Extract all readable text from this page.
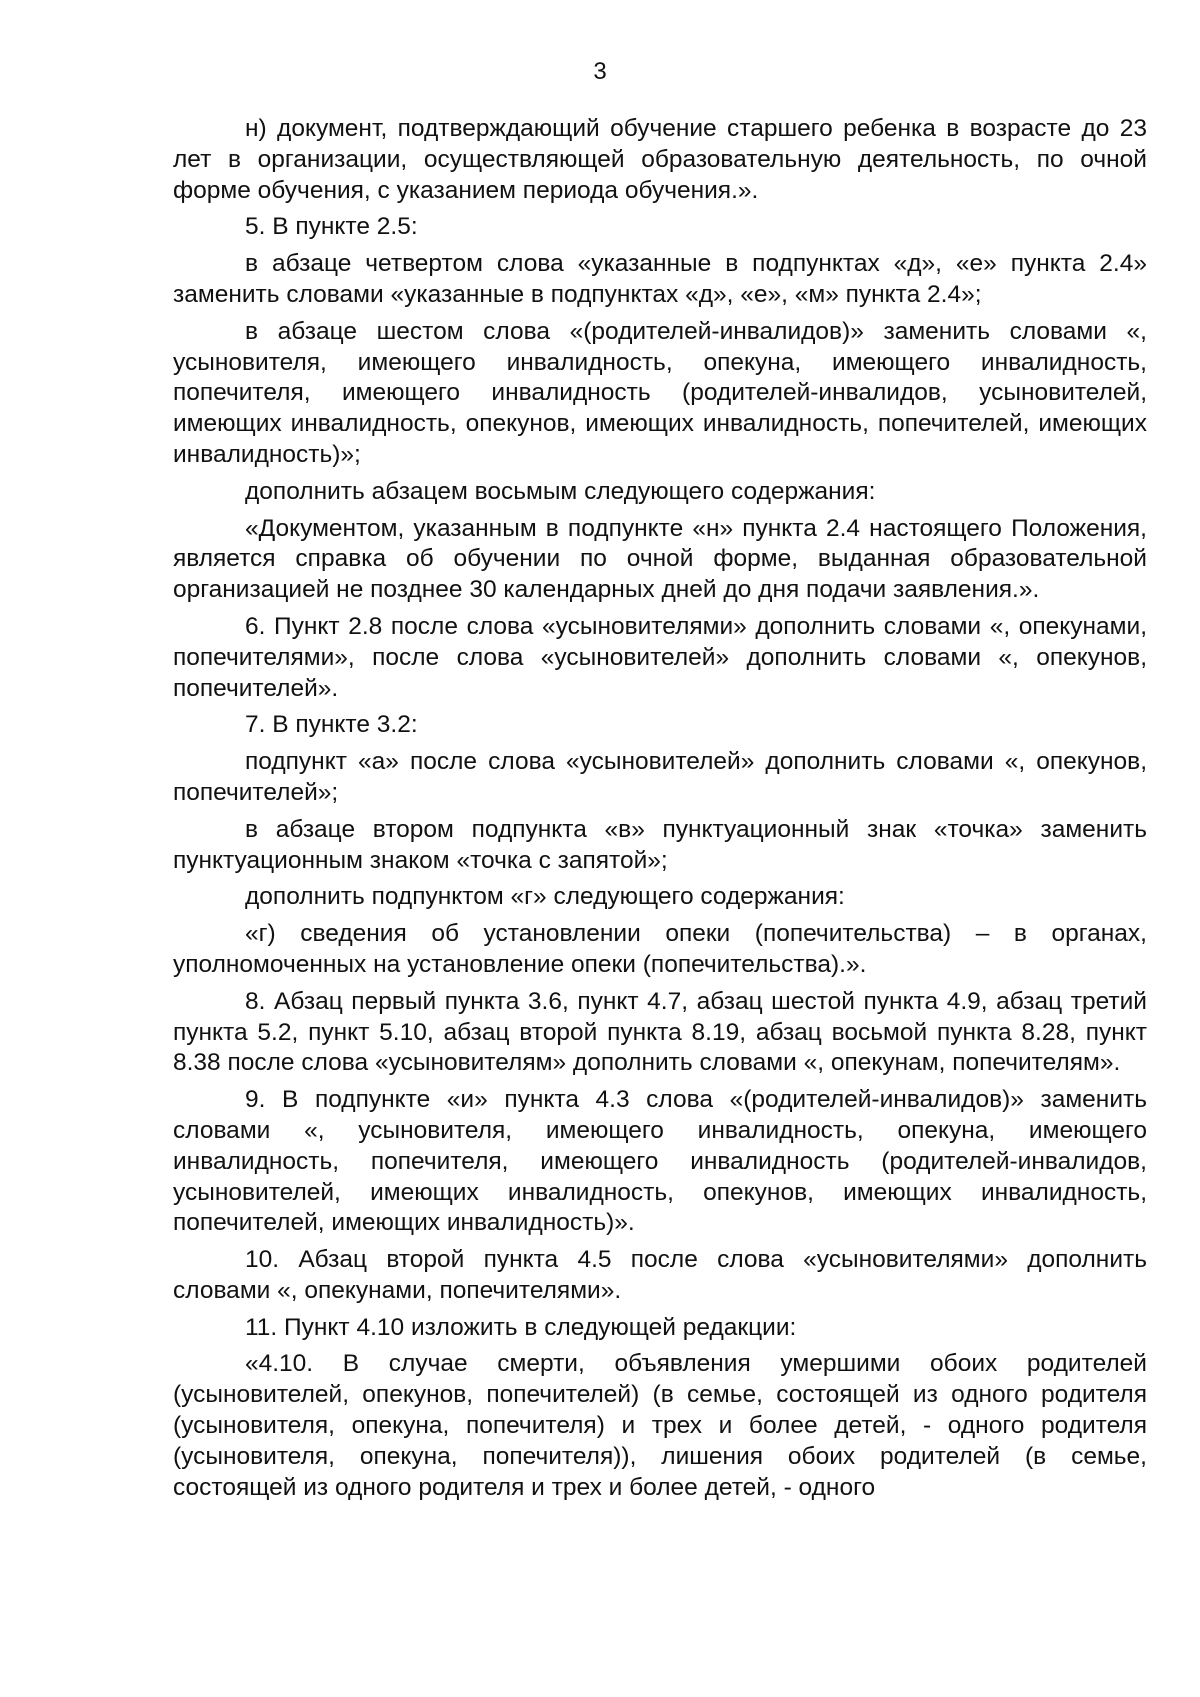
3

н) документ, подтверждающий обучение старшего ребенка в возрасте до 23 лет в организации, осуществляющей образовательную деятельность, по очной форме обучения, с указанием периода обучения.».

5. В пункте 2.5:

в абзаце четвертом слова «указанные в подпунктах «д», «е» пункта 2.4» заменить словами «указанные в подпунктах «д», «е», «м» пункта 2.4»;

в абзаце шестом слова «(родителей-инвалидов)» заменить словами «, усыновителя, имеющего инвалидность, опекуна, имеющего инвалидность, попечителя, имеющего инвалидность (родителей-инвалидов, усыновителей, имеющих инвалидность, опекунов, имеющих инвалидность, попечителей, имеющих инвалидность)»;

дополнить абзацем восьмым следующего содержания:

«Документом, указанным в подпункте «н» пункта 2.4 настоящего Положения, является справка об обучении по очной форме, выданная образовательной организацией не позднее 30 календарных дней до дня подачи заявления.».

6. Пункт 2.8 после слова «усыновителями» дополнить словами «, опекунами, попечителями», после слова «усыновителей» дополнить словами «, опекунов, попечителей».

7. В пункте 3.2:

подпункт «а» после слова «усыновителей» дополнить словами «, опекунов, попечителей»;

в абзаце втором подпункта «в» пунктуационный знак «точка» заменить пунктуационным знаком «точка с запятой»;

дополнить подпунктом «г» следующего содержания:

«г) сведения об установлении опеки (попечительства) – в органах, уполномоченных на установление опеки (попечительства).».

8. Абзац первый пункта 3.6, пункт 4.7, абзац шестой пункта 4.9, абзац третий пункта 5.2, пункт 5.10, абзац второй пункта 8.19, абзац восьмой пункта 8.28, пункт 8.38 после слова «усыновителям» дополнить словами «, опекунам, попечителям».

9. В подпункте «и» пункта 4.3 слова «(родителей-инвалидов)» заменить словами «, усыновителя, имеющего инвалидность, опекуна, имеющего инвалидность, попечителя, имеющего инвалидность (родителей-инвалидов, усыновителей, имеющих инвалидность, опекунов, имеющих инвалидность, попечителей, имеющих инвалидность)».

10. Абзац второй пункта 4.5 после слова «усыновителями» дополнить словами «, опекунами, попечителями».

11. Пункт 4.10 изложить в следующей редакции:

«4.10. В случае смерти, объявления умершими обоих родителей (усыновителей, опекунов, попечителей) (в семье, состоящей из одного родителя (усыновителя, опекуна, попечителя) и трех и более детей, - одного родителя (усыновителя, опекуна, попечителя)), лишения обоих родителей (в семье, состоящей из одного родителя и трех и более детей, - одного
